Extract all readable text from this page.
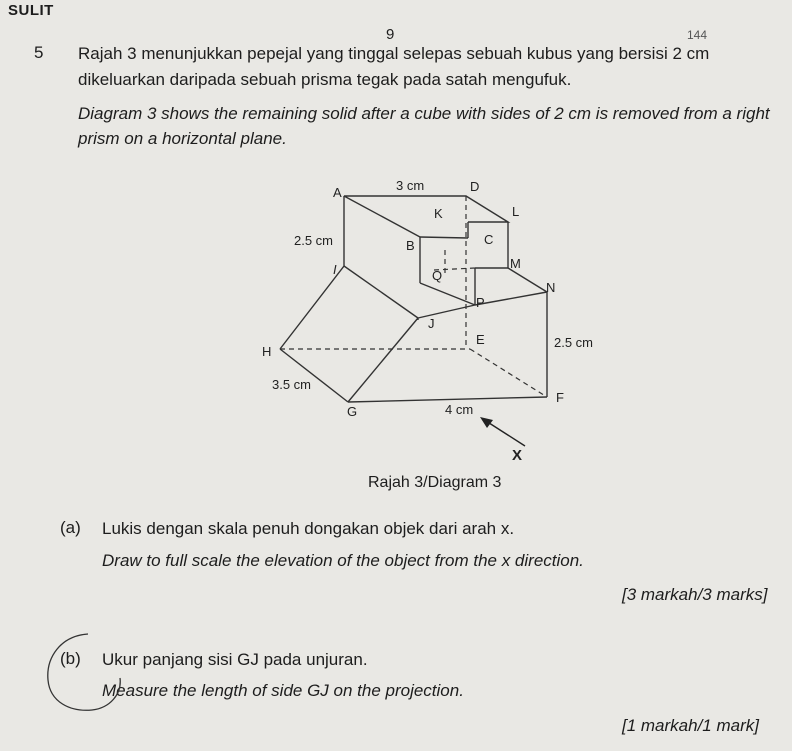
SULIT
9	144
5 Rajah 3 menunjukkan pepejal yang tinggal selepas sebuah kubus yang bersisi 2 cm
dikeluarkan daripada sebuah prisma tegak pada satah mengufuk.
Diagram 3 shows the remaining solid after a cube with sides of 2 cm is removed from a right
prism on a horizontal plane.
A
B	C
D
E
F
G
H
I
J
K	L
M
N
P
Q
X
3 cm
2.5 cm
2.5 cm
3.5 cm
4 cm
Rajah 3/Diagram 3
(a) Lukis dengan skala penuh dongakan objek dari arah x.
Draw to full scale the elevation of the object from the x direction.
[3 markah/3 marks]
(b) Ukur panjang sisi GJ pada unjuran.
Measure the length of side GJ on the projection.
[1 markah/1 mark]
